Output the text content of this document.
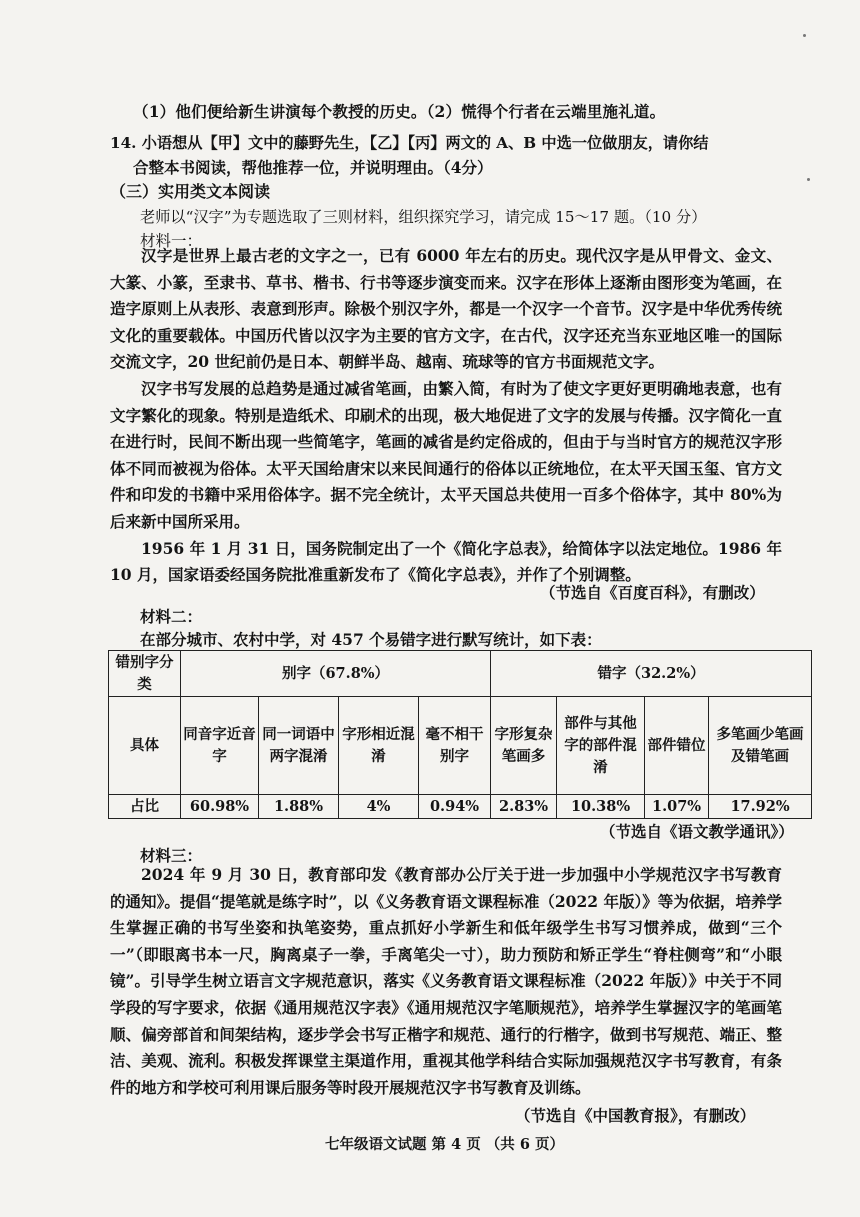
（1）他们便给新生讲演每个教授的历史。（2）慌得个行者在云端里施礼道。
14. 小语想从【甲】文中的藤野先生，【乙】【丙】两文的 A、B 中选一位做朋友，请你结
合整本书阅读，帮他推荐一位，并说明理由。（4分）
（三）实用类文本阅读
老师以“汉字”为专题选取了三则材料，组织探究学习，请完成 15～17 题。（10 分）
材料一：

汉字是世界上最古老的文字之一，已有 6000 年左右的历史。现代汉字是从甲骨文、金文、大篆、小篆，至隶书、草书、楷书、行书等逐步演变而来。汉字在形体上逐渐由图形变为笔画，在造字原则上从表形、表意到形声。除极个别汉字外，都是一个汉字一个音节。汉字是中华优秀传统文化的重要载体。中国历代皆以汉字为主要的官方文字，在古代，汉字还充当东亚地区唯一的国际交流文字，20 世纪前仍是日本、朝鲜半岛、越南、琉球等的官方书面规范文字。

汉字书写发展的总趋势是通过减省笔画，由繁入简，有时为了使文字更好更明确地表意，也有文字繁化的现象。特别是造纸术、印刷术的出现，极大地促进了文字的发展与传播。汉字简化一直在进行时，民间不断出现一些简笔字，笔画的减省是约定俗成的，但由于与当时官方的规范汉字形体不同而被视为俗体。太平天国给唐宋以来民间通行的俗体以正统地位，在太平天国玉玺、官方文件和印发的书籍中采用俗体字。据不完全统计，太平天国总共使用一百多个俗体字，其中 80%为后来新中国所采用。

1956 年 1 月 31 日，国务院制定出了一个《简化字总表》，给简体字以法定地位。1986 年 10 月，国家语委经国务院批准重新发布了《简化字总表》，并作了个别调整。

（节选自《百度百科》，有删改）
材料二：
在部分城市、农村中学，对 457 个易错字进行默写统计，如下表：
错别字分类	别字（67.8%）				错字（32.2%）			
具体	同音字近音字	同一词语中两字混淆	字形相近混淆	毫不相干别字	字形复杂笔画多	部件与其他字的部件混淆	部件错位	多笔画少笔画及错笔画
占比	60.98%	1.88%	4%	0.94%	2.83%	10.38%	1.07%	17.92%
（节选自《语文教学通讯》）
材料三：

2024 年 9 月 30 日，教育部印发《教育部办公厅关于进一步加强中小学规范汉字书写教育的通知》。提倡“提笔就是练字时”，以《义务教育语文课程标准（2022 年版）》等为依据，培养学生掌握正确的书写坐姿和执笔姿势，重点抓好小学新生和低年级学生书写习惯养成，做到“三个一”（即眼离书本一尺，胸离桌子一拳，手离笔尖一寸），助力预防和矫正学生“脊柱侧弯”和“小眼镜”。引导学生树立语言文字规范意识，落实《义务教育语文课程标准（2022 年版）》中关于不同学段的写字要求，依据《通用规范汉字表》《通用规范汉字笔顺规范》，培养学生掌握汉字的笔画笔顺、偏旁部首和间架结构，逐步学会书写正楷字和规范、通行的行楷字，做到书写规范、端正、整洁、美观、流利。积极发挥课堂主渠道作用，重视其他学科结合实际加强规范汉字书写教育，有条件的地方和学校可利用课后服务等时段开展规范汉字书写教育及训练。

（节选自《中国教育报》，有删改）
七年级语文试题 第 4 页 （共 6 页）
